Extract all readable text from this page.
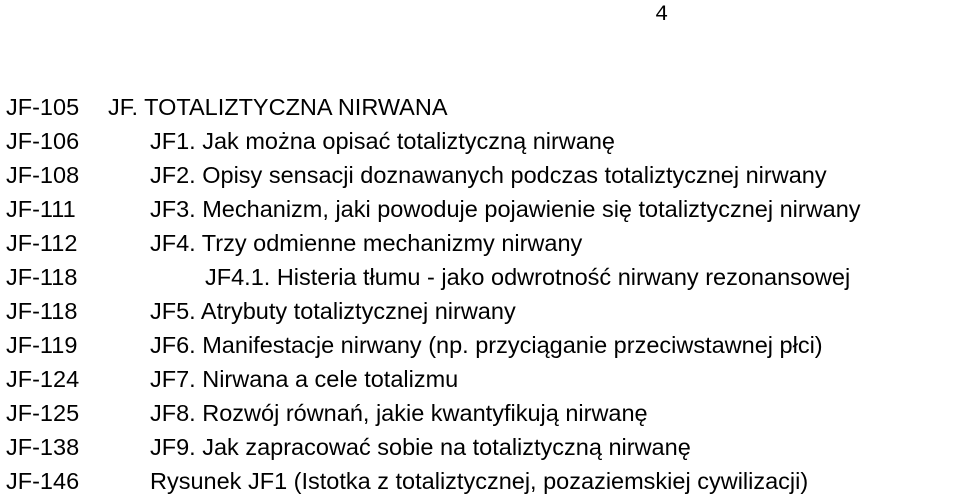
4
JF-105 JF. TOTALIZTYCZNA NIRWANA
JF-106	JF1. Jak można opisać totaliztyczną nirwanę
JF-108	JF2. Opisy sensacji doznawanych podczas totaliztycznej nirwany
JF-111	JF3. Mechanizm, jaki powoduje pojawienie się totaliztycznej nirwany
JF-112	JF4. Trzy odmienne mechanizmy nirwany
JF-118	JF4.1. Histeria tłumu - jako odwrotność nirwany rezonansowej
JF-118	JF5. Atrybuty totaliztycznej nirwany
JF-119	JF6. Manifestacje nirwany (np. przyciąganie przeciwstawnej płci)
JF-124	JF7. Nirwana a cele totalizmu
JF-125	JF8. Rozwój równań, jakie kwantyfikują nirwanę
JF-138	JF9. Jak zapracować sobie na totaliztyczną nirwanę
JF-146	Rysunek JF1 (Istotka z totaliztycznej, pozaziemskiej cywilizacji)
